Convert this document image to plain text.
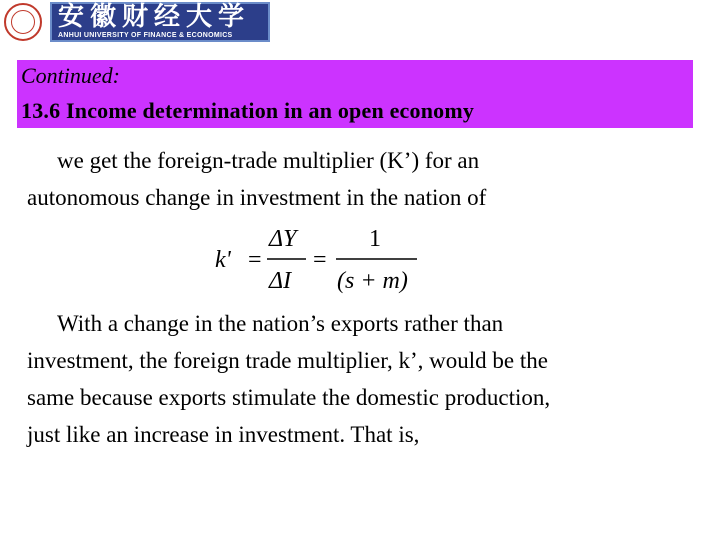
安徽财经大学
ANHUI UNIVERSITY OF FINANCE & ECONOMICS
Continued:
13.6 Income determination in an open economy
we get the foreign-trade multiplier (K’) for an
autonomous change in investment in the nation of
k' =
ΔY
ΔI
=
1
(s + m)
With a change in the nation’s exports rather than
investment, the foreign trade multiplier, k’, would be the
same because exports stimulate the domestic production,
just like an increase in investment. That is,
